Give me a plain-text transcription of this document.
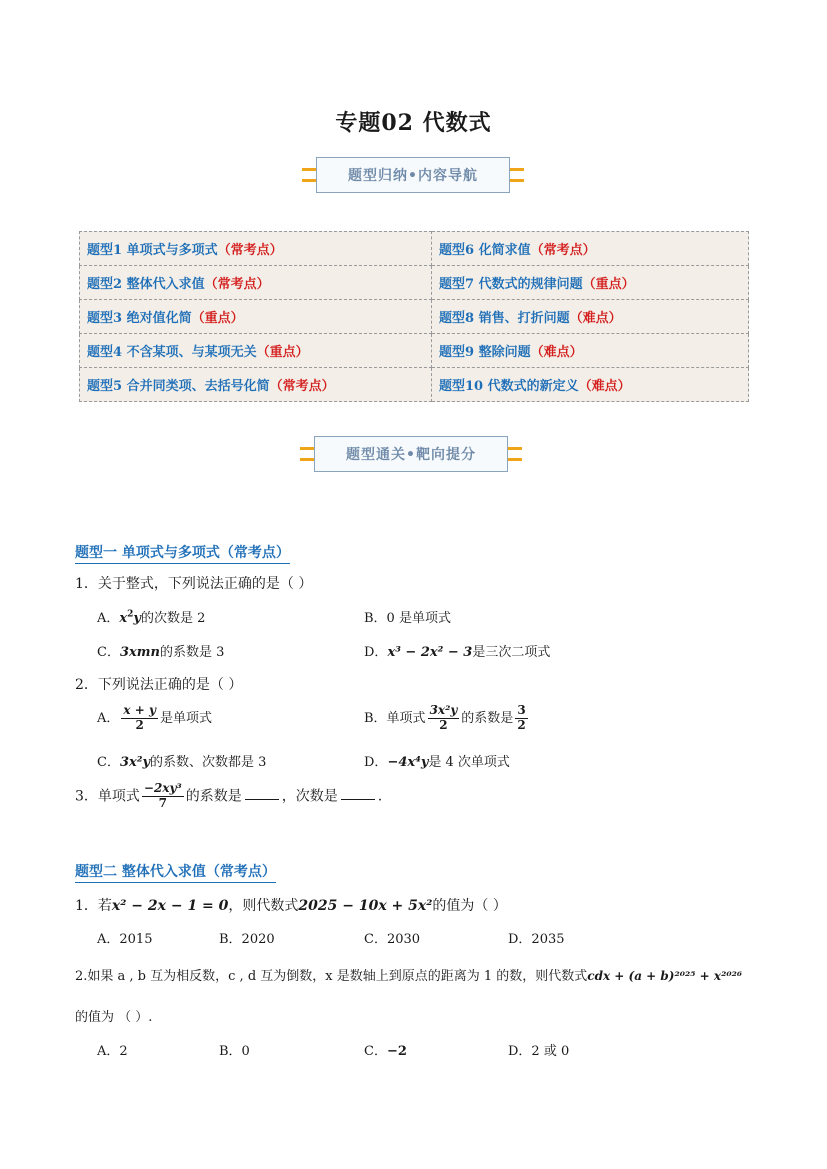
专题02 代数式
题型归纳•内容导航
题型1 单项式与多项式（常考点）	题型6 化简求值（常考点）
题型2 整体代入求值（常考点）	题型7 代数式的规律问题（重点）
题型3 绝对值化简（重点）	题型8 销售、打折问题（难点）
题型4 不含某项、与某项无关（重点）	题型9 整除问题（难点）
题型5 合并同类项、去括号化简（常考点）	题型10 代数式的新定义（难点）
题型通关•靶向提分
题型一 单项式与多项式（常考点）
1．关于整式，下列说法正确的是（ ）
A．$x^2y$的次数是 2	B．0 是单项式
C．3xmn的系数是 3	D．x³ − 2x² − 3是三次二项式
2．下列说法正确的是（ ）
A． $\frac{x + y}{2}$ 是单项式	B．单项式 $\frac{\text{3x²y}}{2}$ 的系数是 $\frac{3}{2}$
C．3x²y的系数、次数都是 3	D．−4x⁴y是 4 次单项式
3．单项式 $\frac{\text{−2xy³}}{7}$ 的系数是	，次数是	.
题型二 整体代入求值（常考点）
1．若x² − 2x − 1 = 0，则代数式2025 − 10x + 5x²的值为（ ）
A．2015	B．2020	C．2030	D．2035
2.如果 a , b 互为相反数，c , d 互为倒数，x 是数轴上到原点的距离为 1 的数，则代数式cdx + (a + b)²⁰²⁵ + x²⁰²⁶
的值为 （ ）.
A．2	B．0	C．−2	D．2 或 0
